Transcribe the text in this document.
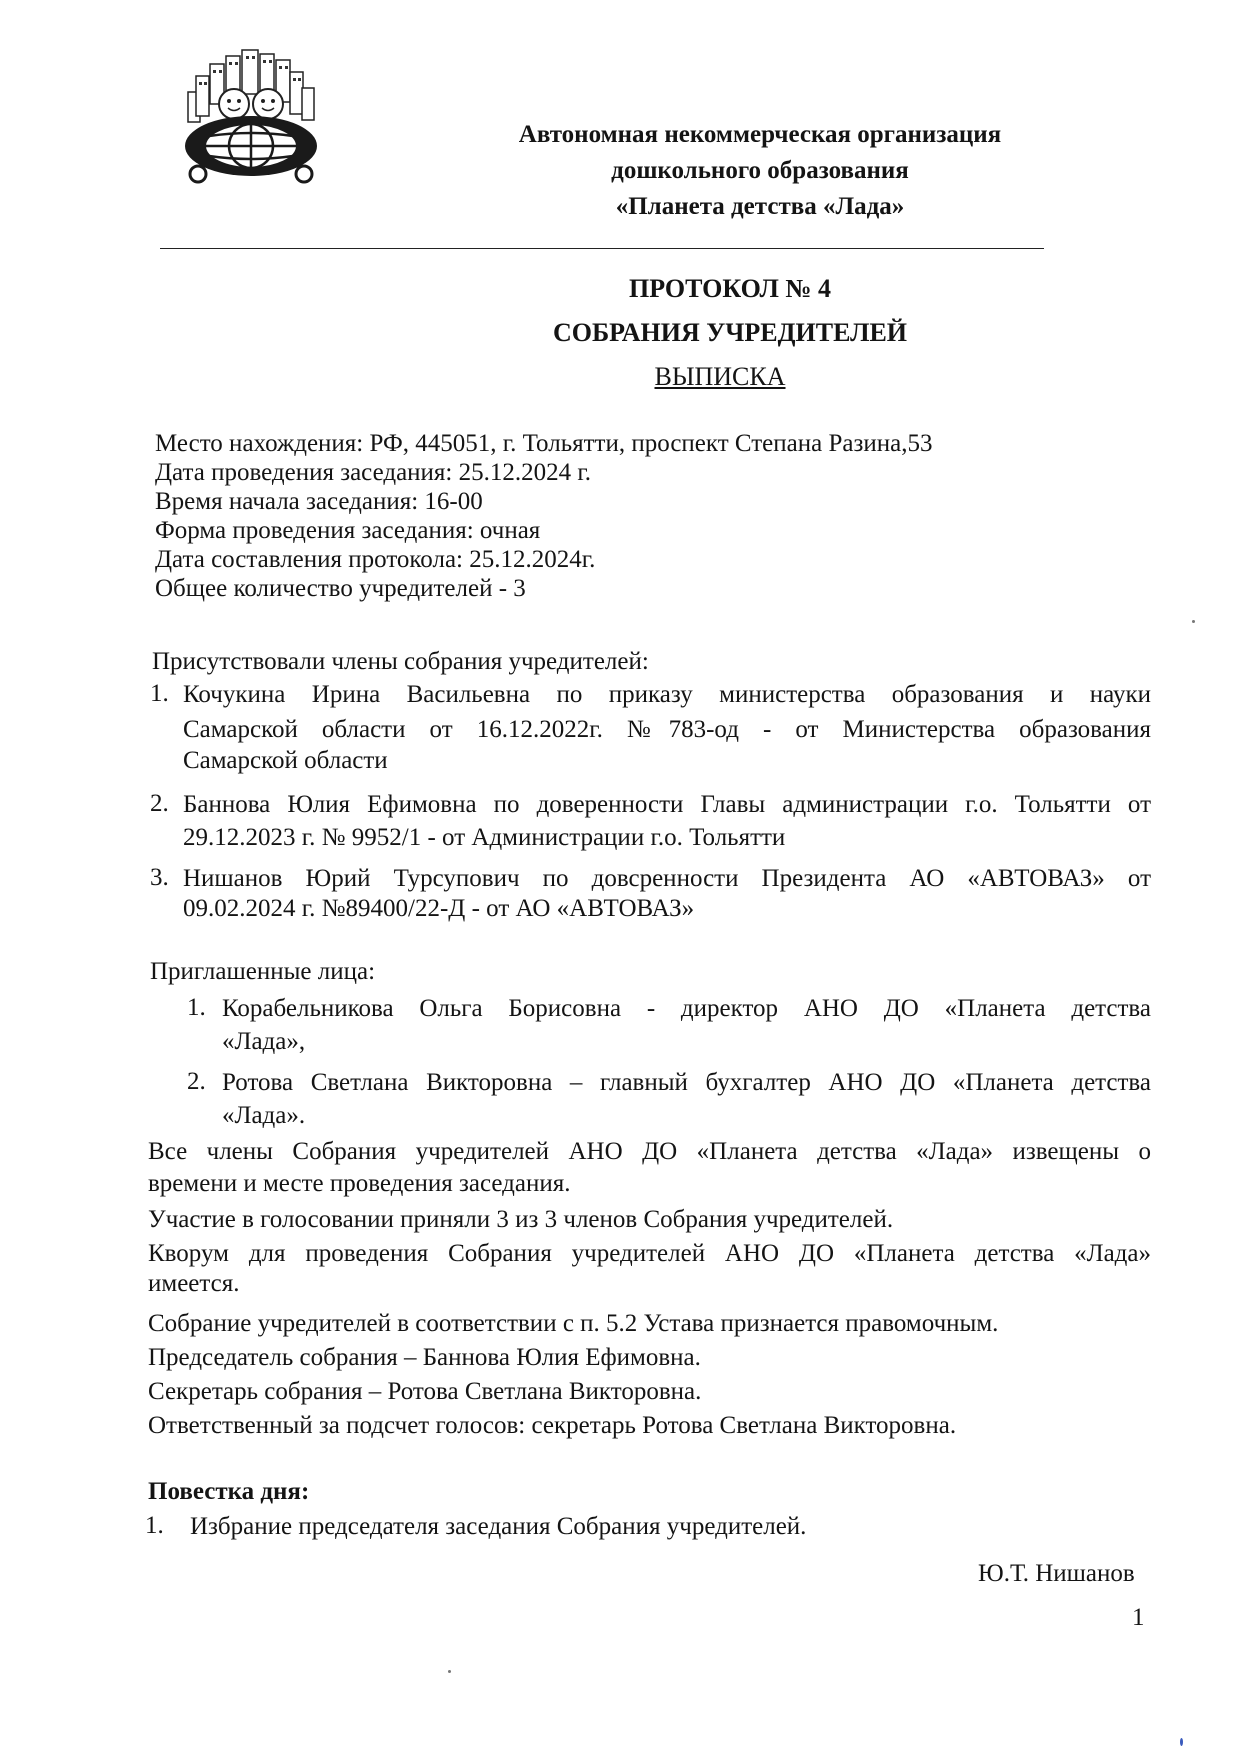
Автономная некоммерческая организация
дошкольного образования
«Планета детства «Лада»
ПРОТОКОЛ № 4
СОБРАНИЯ УЧРЕДИТЕЛЕЙ
ВЫПИСКА
Место нахождения: РФ, 445051, г. Тольятти, проспект Степана Разина,53
Дата проведения заседания: 25.12.2024 г.
Время начала заседания: 16-00
Форма проведения заседания: очная
Дата составления протокола: 25.12.2024г.
Общее количество учредителей - 3
Присутствовали члены собрания учредителей:
1. Кочукина Ирина Васильевна по приказу министерства образования и науки
Самарской области от 16.12.2022г. №783-од - от Министерства образования
Самарской области
2. Баннова Юлия Ефимовна по доверенности Главы администрации г.о. Тольятти от
29.12.2023 г. № 9952/1 - от Администрации г.о. Тольятти
3. Нишанов Юрий Турсупович по довсренности Президента АО «АВТОВАЗ» от
09.02.2024 г. №89400/22-Д - от АО «АВТОВАЗ»
Приглашенные лица:
1. Корабельникова Ольга Борисовна - директор АНО ДО «Планета детства
«Лада»,
2. Ротова Светлана Викторовна – главный бухгалтер АНО ДО «Планета детства
«Лада».
Все члены Собрания учредителей АНО ДО «Планета детства «Лада» извещены о
времени и месте проведения заседания.
Участие в голосовании приняли 3 из 3 членов Собрания учредителей.
Кворум для проведения Собрания учредителей АНО ДО «Планета детства «Лада»
имеется.
Собрание учредителей в соответствии с п. 5.2 Устава признается правомочным.
Председатель собрания – Баннова Юлия Ефимовна.
Секретарь собрания – Ротова Светлана Викторовна.
Ответственный за подсчет голосов: секретарь Ротова Светлана Викторовна.
Повестка дня:
1. Избрание председателя заседания Собрания учредителей.
Ю.Т. Нишанов
1
